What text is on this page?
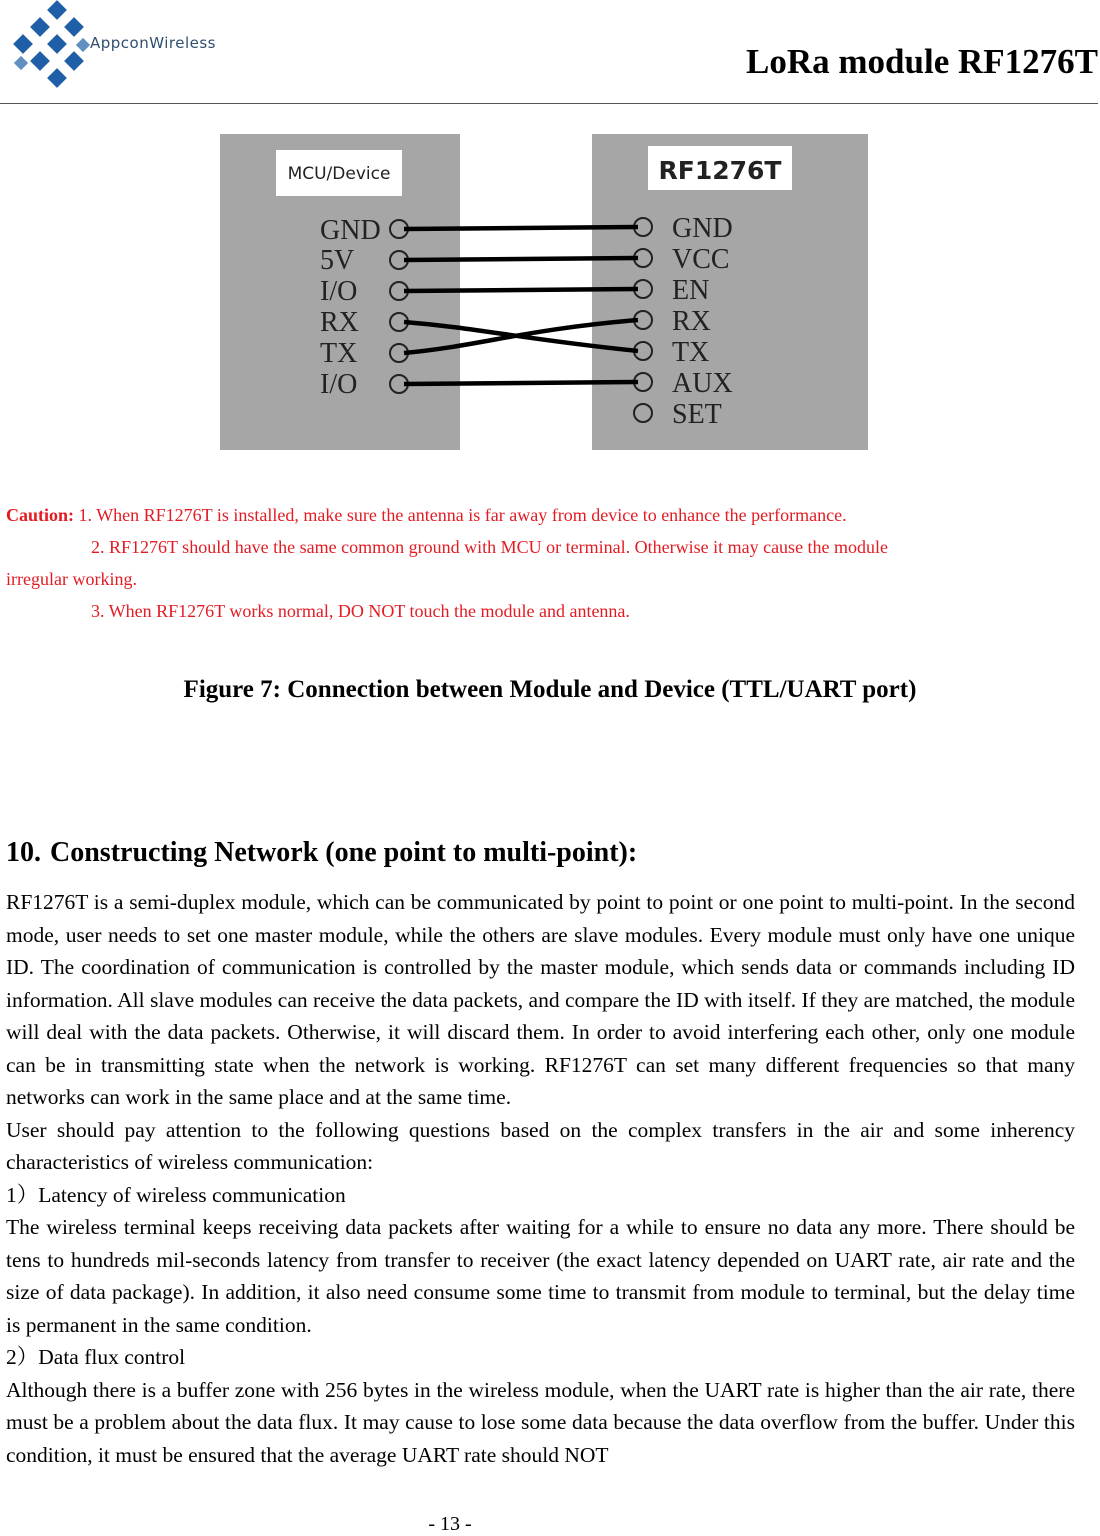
AppconWireless	LoRa module RF1276T
MCU/Device	RF1276T
GND
5V
I/O
RX
TX
I/O
GND
VCC
EN
RX
TX
AUX
SET
Caution: 1. When RF1276T is installed, make sure the antenna is far away from device to enhance the performance.
2. RF1276T should have the same common ground with MCU or terminal. Otherwise it may cause the module
irregular working.
3. When RF1276T works normal, DO NOT touch the module and antenna.
Figure 7: Connection between Module and Device (TTL/UART port)
10. Constructing Network (one point to multi-point):

RF1276T is a semi-duplex module, which can be communicated by point to point or one point to multi-point. In the second mode, user needs to set one master module, while the others are slave modules. Every module must only have one unique ID. The coordination of communication is controlled by the master module, which sends data or commands including ID information. All slave modules can receive the data packets, and compare the ID with itself. If they are matched, the module will deal with the data packets. Otherwise, it will discard them. In order to avoid interfering each other, only one module can be in transmitting state when the network is working. RF1276T can set many different frequencies so that many networks can work in the same place and at the same time.

User should pay attention to the following questions based on the complex transfers in the air and some inherency characteristics of wireless communication:

1）Latency of wireless communication

The wireless terminal keeps receiving data packets after waiting for a while to ensure no data any more. There should be tens to hundreds mil-seconds latency from transfer to receiver (the exact latency depended on UART rate, air rate and the size of data package). In addition, it also need consume some time to transmit from module to terminal, but the delay time is permanent in the same condition.

2）Data flux control

Although there is a buffer zone with 256 bytes in the wireless module, when the UART rate is higher than the air rate, there must be a problem about the data flux. It may cause to lose some data because the data overflow from the buffer. Under this condition, it must be ensured that the average UART rate should NOT

- 13 -
